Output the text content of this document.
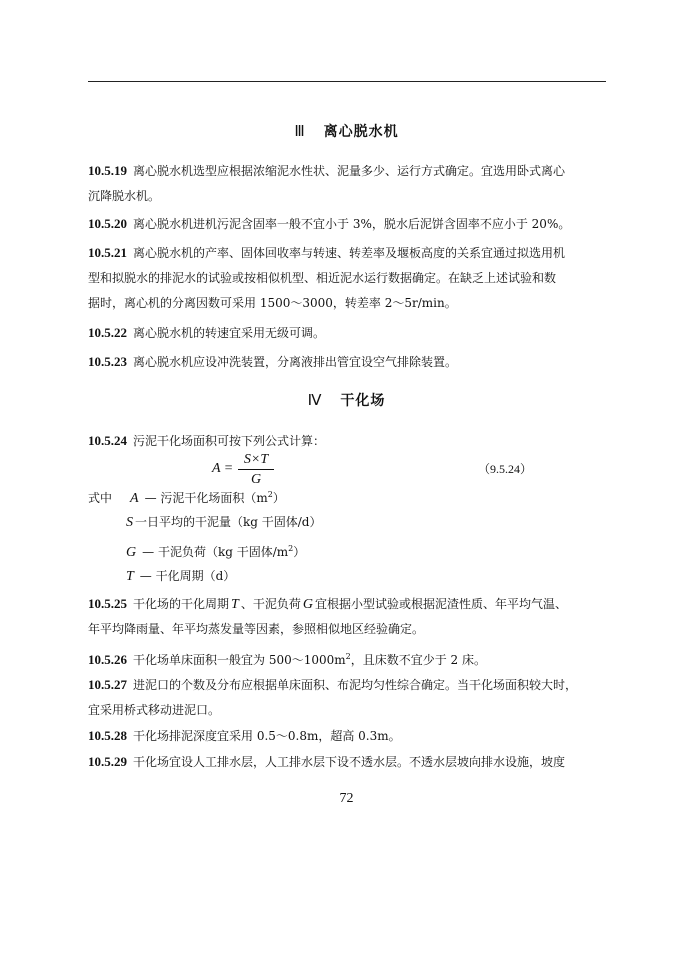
Ⅲ 离心脱水机
10.5.19 离心脱水机选型应根据浓缩泥水性状、泥量多少、运行方式确定。宜选用卧式离心
沉降脱水机。
10.5.20 离心脱水机进机污泥含固率一般不宜小于 3%，脱水后泥饼含固率不应小于 20%。
10.5.21 离心脱水机的产率、固体回收率与转速、转差率及堰板高度的关系宜通过拟选用机
型和拟脱水的排泥水的试验或按相似机型、相近泥水运行数据确定。在缺乏上述试验和数
据时，离心机的分离因数可采用 1500～3000，转差率 2～5r/min。
10.5.22 离心脱水机的转速宜采用无级可调。
10.5.23 离心脱水机应设冲洗装置，分离液排出管宜设空气排除装置。
Ⅳ 干化场
10.5.24 污泥干化场面积可按下列公式计算：
A =
S×T
G
（9.5.24）
式中 A — 污泥干化场面积$(m^2)$
S 一日平均的干泥量（kg 干固体/d）
G — 干泥负荷（kg 干固体$/m^2$）
T — 干化周期（d）
10.5.25 干化场的干化周期 T 、干泥负荷 G 宜根据小型试验或根据泥渣性质、年平均气温、
年平均降雨量、年平均蒸发量等因素，参照相似地区经验确定。
10.5.26 干化场单床面积一般宜为 $500\sim 1000m^2$，且床数不宜少于 2 床。
10.5.27 进泥口的个数及分布应根据单床面积、布泥均匀性综合确定。当干化场面积较大时，
宜采用桥式移动进泥口。
10.5.28 干化场排泥深度宜采用 0.5～0.8m，超高 0.3m。
10.5.29 干化场宜设人工排水层，人工排水层下设不透水层。不透水层坡向排水设施，坡度
72
